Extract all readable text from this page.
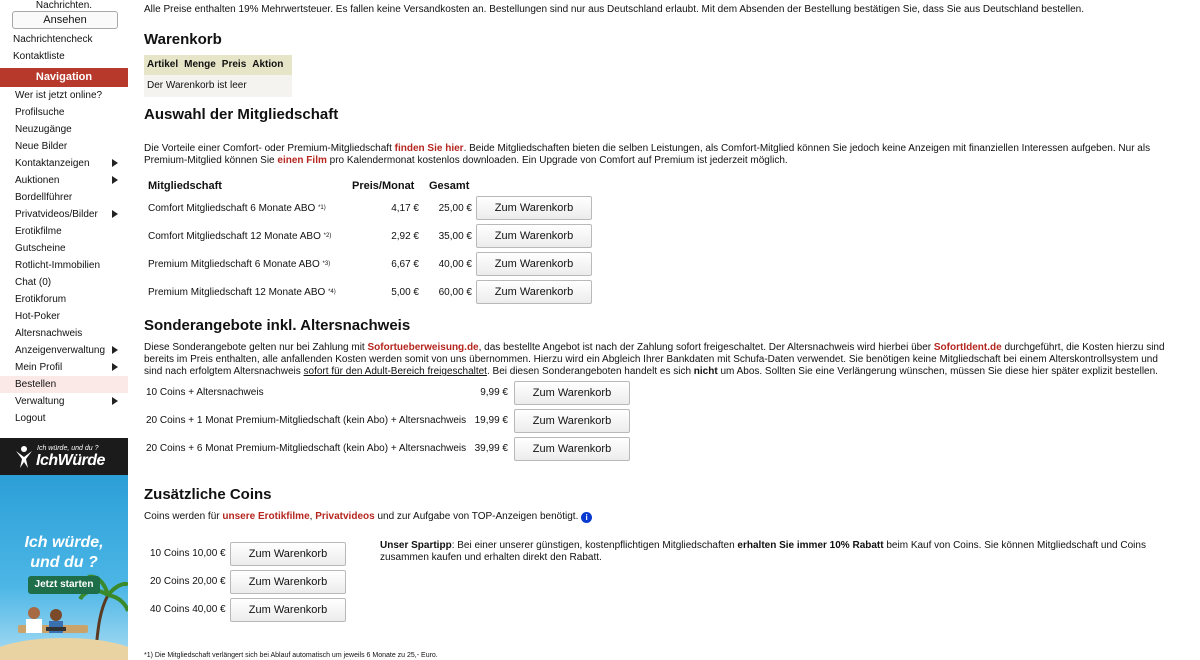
Nachrichten.
Ansehen
Nachrichtencheck
Kontaktliste
Navigation
Wer ist jetzt online?
Profilsuche
Neuzugänge
Neue Bilder
Kontaktanzeigen
Auktionen
Bordellführer
Privatvideos/Bilder
Erotikfilme
Gutscheine
Rotlicht-Immobilien
Chat (0)
Erotikforum
Hot-Poker
Altersnachweis
Anzeigenverwaltung
Mein Profil
Bestellen
Verwaltung
Logout
Ich würde, und du ?
IchWürde
Ich würde,
und du ?
Jetzt starten
Alle Preise enthalten 19% Mehrwertsteuer. Es fallen keine Versandkosten an. Bestellungen sind nur aus Deutschland erlaubt. Mit dem Absenden der Bestellung bestätigen Sie, dass Sie aus Deutschland bestellen.
Warenkorb
Artikel Menge Preis Aktion
Der Warenkorb ist leer
Auswahl der Mitgliedschaft
Die Vorteile einer Comfort- oder Premium-Mitgliedschaft finden Sie hier. Beide Mitgliedschaften bieten die selben Leistungen, als Comfort-Mitglied können Sie jedoch keine Anzeigen mit finanziellen Interessen aufgeben. Nur als
Premium-Mitglied können Sie einen Film pro Kalendermonat kostenlos downloaden. Ein Upgrade von Comfort auf Premium ist jederzeit möglich.
Mitgliedschaft	Preis/Monat Gesamt
Comfort Mitgliedschaft 6 Monate ABO $^{*1)}$	4,17 €	25,00 €	Zum Warenkorb
Comfort Mitgliedschaft 12 Monate ABO $^{*2)}$	2,92 €	35,00 €	Zum Warenkorb
Premium Mitgliedschaft 6 Monate ABO $^{*3)}$	6,67 €	40,00 €	Zum Warenkorb
Premium Mitgliedschaft 12 Monate ABO $^{*4)}$	5,00 €	60,00 €	Zum Warenkorb
Sonderangebote inkl. Altersnachweis
Diese Sonderangebote gelten nur bei Zahlung mit Sofortueberweisung.de, das bestellte Angebot ist nach der Zahlung sofort freigeschaltet. Der Altersnachweis wird hierbei über SofortIdent.de durchgeführt, die Kosten hierzu sind
bereits im Preis enthalten, alle anfallenden Kosten werden somit von uns übernommen. Hierzu wird ein Abgleich Ihrer Bankdaten mit Schufa-Daten verwendet. Sie benötigen keine Mitgliedschaft bei einem Alterskontrollsystem und
sind nach erfolgtem Altersnachweis sofort für den Adult-Bereich freigeschaltet. Bei diesen Sonderangeboten handelt es sich nicht um Abos. Sollten Sie eine Verlängerung wünschen, müssen Sie diese hier später explizit bestellen.
10 Coins + Altersnachweis	9,99 €	Zum Warenkorb
20 Coins + 1 Monat Premium-Mitgliedschaft (kein Abo) + Altersnachweis 19,99 €	Zum Warenkorb
20 Coins + 6 Monat Premium-Mitgliedschaft (kein Abo) + Altersnachweis 39,99 €	Zum Warenkorb
Zusätzliche Coins
Coins werden für unsere Erotikfilme, Privatvideos und zur Aufgabe von TOP-Anzeigen benötigt. i
10 Coins 10,00 €	Zum Warenkorb
20 Coins 20,00 €	Zum Warenkorb
40 Coins 40,00 €	Zum Warenkorb
Unser Spartipp: Bei einer unserer günstigen, kostenpflichtigen Mitgliedschaften erhalten Sie immer 10% Rabatt beim Kauf von Coins. Sie können Mitgliedschaft und Coins
zusammen kaufen und erhalten direkt den Rabatt.
*1) Die Mitgliedschaft verlängert sich bei Ablauf automatisch um jeweils 6 Monate zu 25,- Euro.
